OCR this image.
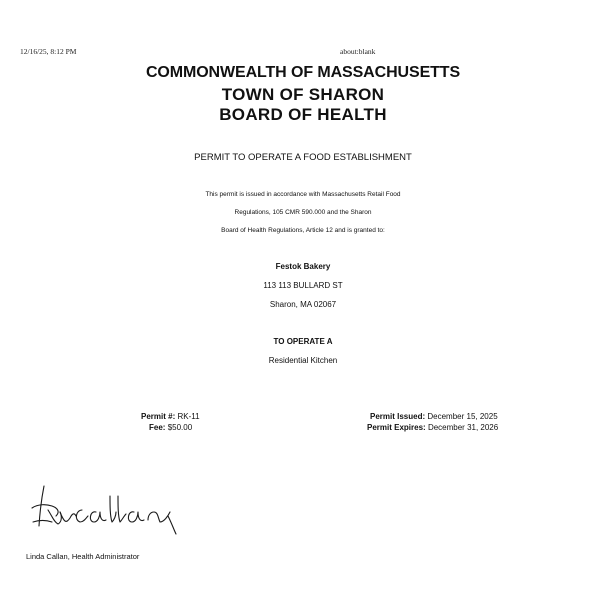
12/16/25, 8:12 PM	about:blank
COMMONWEALTH OF MASSACHUSETTS
TOWN OF SHARON
BOARD OF HEALTH
PERMIT TO OPERATE A FOOD ESTABLISHMENT
This permit is issued in accordance with Massachusetts Retail Food
Regulations, 105 CMR 590.000 and the Sharon
Board of Health Regulations, Article 12 and is granted to:
Festok Bakery
113 113 BULLARD ST
Sharon, MA 02067
TO OPERATE A
Residential Kitchen
Permit #: RK-11
Fee: $50.00
Permit Issued: December 15, 2025
Permit Expires: December 31, 2026
Linda Callan, Health Administrator
